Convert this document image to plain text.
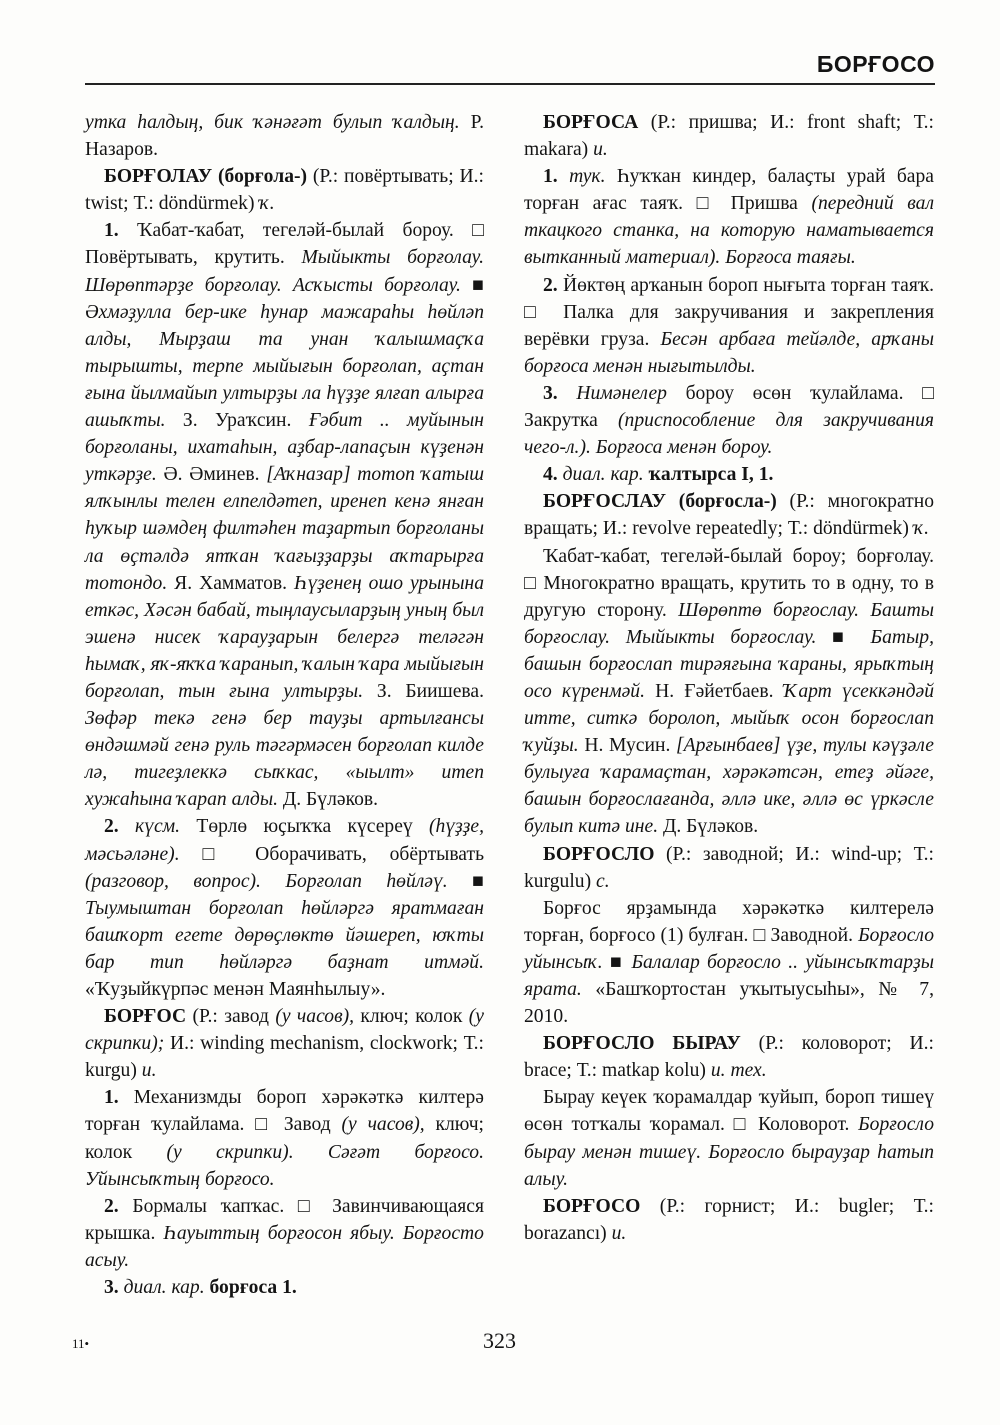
БОРҒОСО

утка һалдың, бик ҡәнәғәт булып ҡалдың. Р. Назаров.

БОРҒОЛАУ (борғола-) (Р.: повёртывать; И.: twist; Т.: döndürmek) ҡ.

1. Ҡабат-ҡабат, тегеләй-былай бороу. □ Повёртывать, крутить. Мыйыкты борғолау. Шөрөптәрҙе борғолау. Асҡысты борғолау. ■ Әхмәҙулла бер-ике һунар мажараһы һөйләп алды, Мырҙаш та унан ҡалышмаҫҡа тырышты, терпе мыйығын борғолап, аҫтан ғына йылмайып ултырҙы ла һүҙҙе ялғап алырға ашыҡты. З. Ураҡсин. Ғәбит .. муйынын борғоланы, ихатаһын, аҙбар-лапаҫын күҙенән уткәрҙе. Ә. Әминев. [Аҡназар] тотоп ҡатыш ялҡынлы телен елпелдәтеп, иренеп кенә янған һуҡыр шәмдең филтәһен таҙартып борғоланы ла өҫтәлдә ятҡан ҡағыҙҙарҙы аҡтарырға тотондо. Я. Хамматов. Һүҙенең ошо урынына еткәс, Хәсән бабай, тыңлаусыларҙың уның был эшенә нисек ҡарауҙарын белергә теләгән һымаҡ, яҡ-яҡҡа ҡаранып, ҡалын ҡара мыйығын борғолап, тын ғына ултырҙы. З. Биишева. Зөфәр текә генә бер тауҙы артылғансы өндәшмәй генә руль тәгәрмәсен борғолап килде лә, тигеҙлеккә сыҡкас, «ыылт» итеп хужаһына ҡарап алды. Д. Бүләков.

2. күсм. Төрлө юҫыҡҡа күсереү (һүҙҙе, мәсьәләне). □ Оборачивать, обёртывать (разговор, вопрос). Борғолап һөйләү. ■ Тыумыштан борғолап һөйләргә яратмаған башҡорт егете дөрөҫлөктө йәшереп, юҡты бар тип һөйләргә баҙнат итмәй. «Ҡуҙыйкүрпәс менән Маянһылыу».

БОРҒОС (Р.: завод (у часов), ключ; колок (у скрипки); И.: winding mechanism, clockwork; Т.: kurgu) и.

1. Механизмды бороп хәрәкәткә килтерә торған ҡулайлама. □ Завод (у часов), ключ; колок (у скрипки). Сәғәт борғосо. Уйынсыҡтың борғосо.

2. Бормалы ҡапҡас. □ Завинчивающаяся крышка. Һауыттың борғосон ябыу. Борғосто асыу.

3. диал. кар. борғоса 1.

БОРҒОСА (Р.: пришва; И.: front shaft; Т.: makara) и.

1. тук. Һуҡҡан киндер, балаҫты урай бара торған ағас таяҡ. □ Пришва (передний вал ткацкого станка, на которую наматывается вытканный материал). Борғоса таяғы.

2. Йөктөң арҡанын бороп нығыта торған таяҡ. □ Палка для закручивания и закрепления верёвки груза. Бесән арбаға тейәлде, арҡаны борғоса менән нығытылды.

3. Нимәнелер бороу өсөн ҡулайлама. □ Закрутка (приспособление для закручивания чего-л.). Борғоса менән бороу.

4. диал. кар. ҡалтырса I, 1.

БОРҒОСЛАУ (борғосла-) (Р.: многократно вращать; И.: revolve repeatedly; Т.: döndürmek) ҡ.

Ҡабат-ҡабат, тегеләй-былай бороу; борғолау. □ Многократно вращать, крутить то в одну, то в другую сторону. Шөрөптө борғослау. Башты борғослау. Мыйыкты борғослау. ■ Батыр, башын борғослап тирәяғына ҡараны, ярыҡтың осо күренмәй. Н. Ғәйетбаев. Ҡарт үсеккәндәй итте, ситкә боролоп, мыйыҡ осон борғослап ҡуйҙы. Н. Мусин. [Арғынбаев] үҙе, тулы кәүҙәле булыуға ҡарамаҫтан, хәрәкәтсән, етеҙ әйәге, башын борғослағанда, әллә ике, әллә өс үркәсле булып китә ине. Д. Бүләков.

БОРҒОСЛО (Р.: заводной; И.: wind-up; Т.: kurgulu) с.

Борғос ярҙамында хәрәкәткә килтерелә торған, борғосо (1) булған. □ Заводной. Борғосло уйынсыҡ. ■ Балалар борғосло .. уйынсыҡтарҙы ярата. «Башҡортостан уҡытыусыһы», № 7, 2010.

БОРҒОСЛО БЫРАУ (Р.: коловорот; И.: brace; Т.: matkap kolu) и. тех.

Бырау кеүек ҡорамалдар ҡуйып, бороп тишеү өсөн тотҡалы ҡорамал. □ Коловорот. Борғосло бырау менән тишеү. Борғосло бырауҙар һатып алыу.

БОРҒОСО (Р.: горнист; И.: bugler; Т.: borazancı) и.

11•	323
